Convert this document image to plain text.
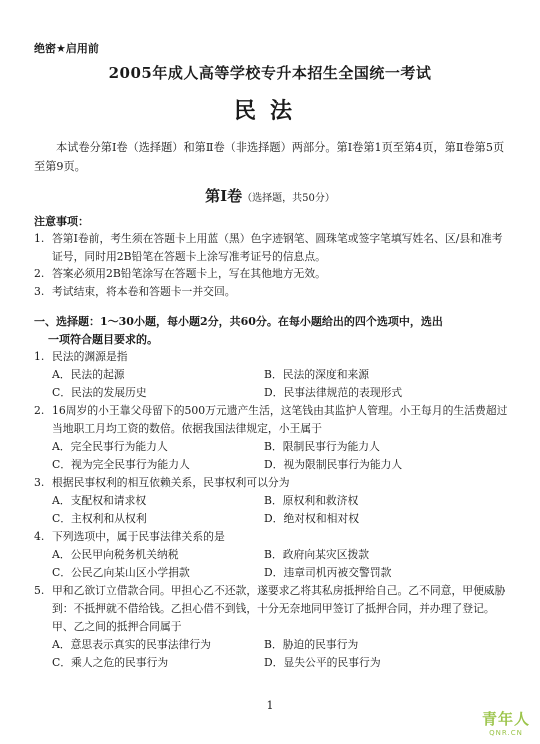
绝密★启用前
2005年成人高等学校专升本招生全国统一考试
民法
本试卷分第Ⅰ卷（选择题）和第Ⅱ卷（非选择题）两部分。第Ⅰ卷第1页至第4页，第Ⅱ卷第5页至第9页。
第Ⅰ卷（选择题，共50分）
注意事项：
1. 答第Ⅰ卷前，考生须在答题卡上用蓝（黑）色字迹钢笔、圆珠笔或签字笔填写姓名、区/县和准考证号，同时用2B铅笔在答题卡上涂写准考证号的信息点。
2. 答案必须用2B铅笔涂写在答题卡上，写在其他地方无效。
3. 考试结束，将本卷和答题卡一并交回。
一、选择题：1～30小题，每小题2分，共60分。在每小题给出的四个选项中，选出
一项符合题目要求的。
1. 民法的渊源是指
A．民法的起源	B．民法的深度和来源
C．民法的发展历史	D．民事法律规范的表现形式
2. 16周岁的小王靠父母留下的500万元遗产生活，这笔钱由其监护人管理。小王每月的生活费超过当地职工月均工资的数倍。依据我国法律规定，小王属于
A．完全民事行为能力人	B．限制民事行为能力人
C．视为完全民事行为能力人	D．视为限制民事行为能力人
3. 根据民事权利的相互依赖关系，民事权利可以分为
A．支配权和请求权	B．原权利和救济权
C．主权利和从权利	D．绝对权和相对权
4. 下列选项中，属于民事法律关系的是
A．公民甲向税务机关纳税	B．政府向某灾区拨款
C．公民乙向某山区小学捐款	D．违章司机丙被交警罚款
5. 甲和乙欲订立借款合同。甲担心乙不还款，遂要求乙将其私房抵押给自己。乙不同意，甲便威胁到：不抵押就不借给钱。乙担心借不到钱，十分无奈地同甲签订了抵押合同，并办理了登记。甲、乙之间的抵押合同属于
A．意思表示真实的民事法律行为	B．胁迫的民事行为
C．乘人之危的民事行为	D．显失公平的民事行为
1
青年人
QNR.CN
